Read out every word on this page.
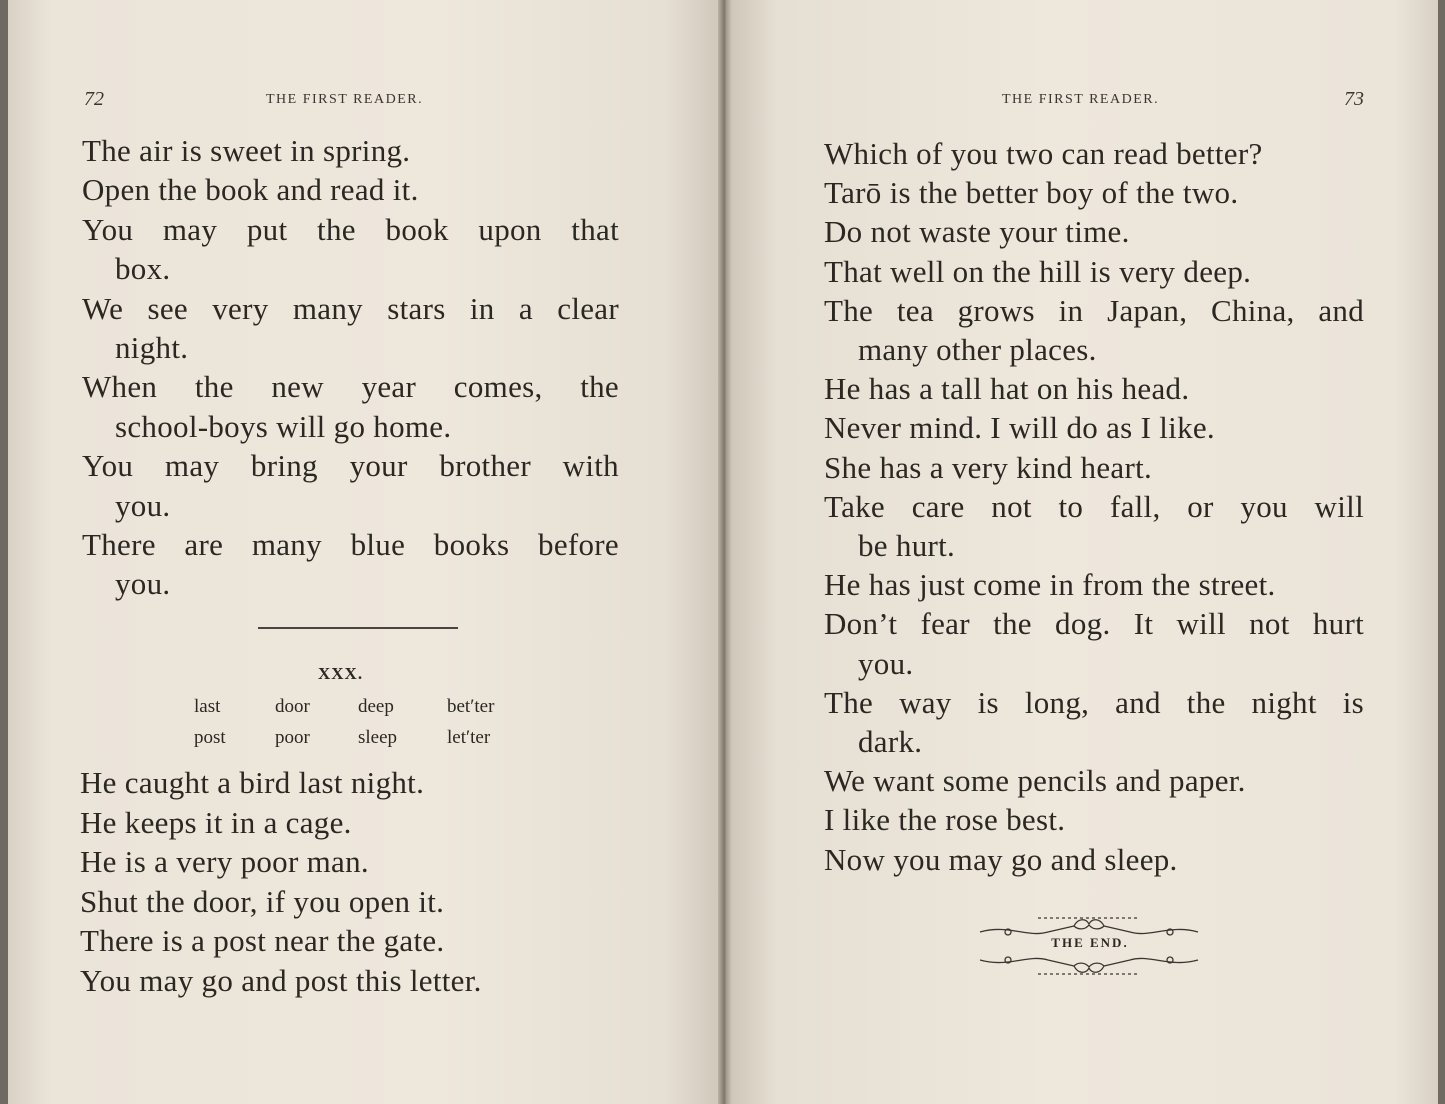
72	THE FIRST READER.
The air is sweet in spring.
Open the book and read it.
You may put the book upon that
box.
We see very many stars in a clear
night.
When the new year comes, the
school-boys will go home.
You may bring your brother with
you.
There are many blue books before
you.
XXX.
last	door	deep	bet′ter
post	poor	sleep	let′ter
He caught a bird last night.
He keeps it in a cage.
He is a very poor man.
Shut the door, if you open it.
There is a post near the gate.
You may go and post this letter.
THE FIRST READER.	73
Which of you two can read better?
Tarō is the better boy of the two.
Do not waste your time.
That well on the hill is very deep.
The tea grows in Japan, China, and
many other places.
He has a tall hat on his head.
Never mind. I will do as I like.
She has a very kind heart.
Take care not to fall, or you will
be hurt.
He has just come in from the street.
Don’t fear the dog. It will not hurt
you.
The way is long, and the night is
dark.
We want some pencils and paper.
I like the rose best.
Now you may go and sleep.
THE END.
